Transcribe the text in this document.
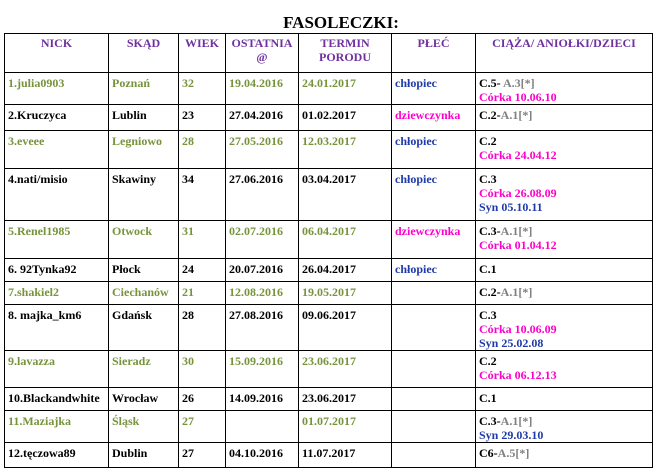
FASOLECZKI:
NICK	SKĄD	WIEK	OSTATNIA @	TERMIN PORODU	PŁEĆ	CIĄŻA/ ANIOŁKI/DZIECI
1.julia0903	Poznań	32	19.04.2016	24.01.2017	chłopiec	C.5- A.3[*]
Córka 10.06.10

2.Kruczyca	Lublin	23	27.04.2016	01.02.2017	dziewczynka	C.2-A.1[*]

3.eveee	Legniowo	28	27.05.2016	12.03.2017	chłopiec	C.2
Córka 24.04.12

4.nati/misio	Skawiny	34	27.06.2016	03.04.2017	chłopiec	C.3
Córka 26.08.09
Syn 05.10.11

5.Renel1985	Otwock	31	02.07.2016	06.04.2017	dziewczynka	C.3-A.1[*]
Córka 01.04.12

6. 92Tynka92	Płock	24	20.07.2016	26.04.2017	chłopiec	C.1

7.shakiel2	Ciechanów	21	12.08.2016	19.05.2017		C.2-A.1[*]

8. majka_km6	Gdańsk	28	27.08.2016	09.06.2017		C.3
Córka 10.06.09
Syn 25.02.08

9.lavazza	Sieradz	30	15.09.2016	23.06.2017		C.2
Córka 06.12.13

10.Blackandwhite	Wrocław	26	14.09.2016	23.06.2017		C.1

11.Maziajka	Śląsk	27		01.07.2017		C.3-A.1[*]
Syn 29.03.10

12.tęczowa89	Dublin	27	04.10.2016	11.07.2017		C6-A.5[*]
